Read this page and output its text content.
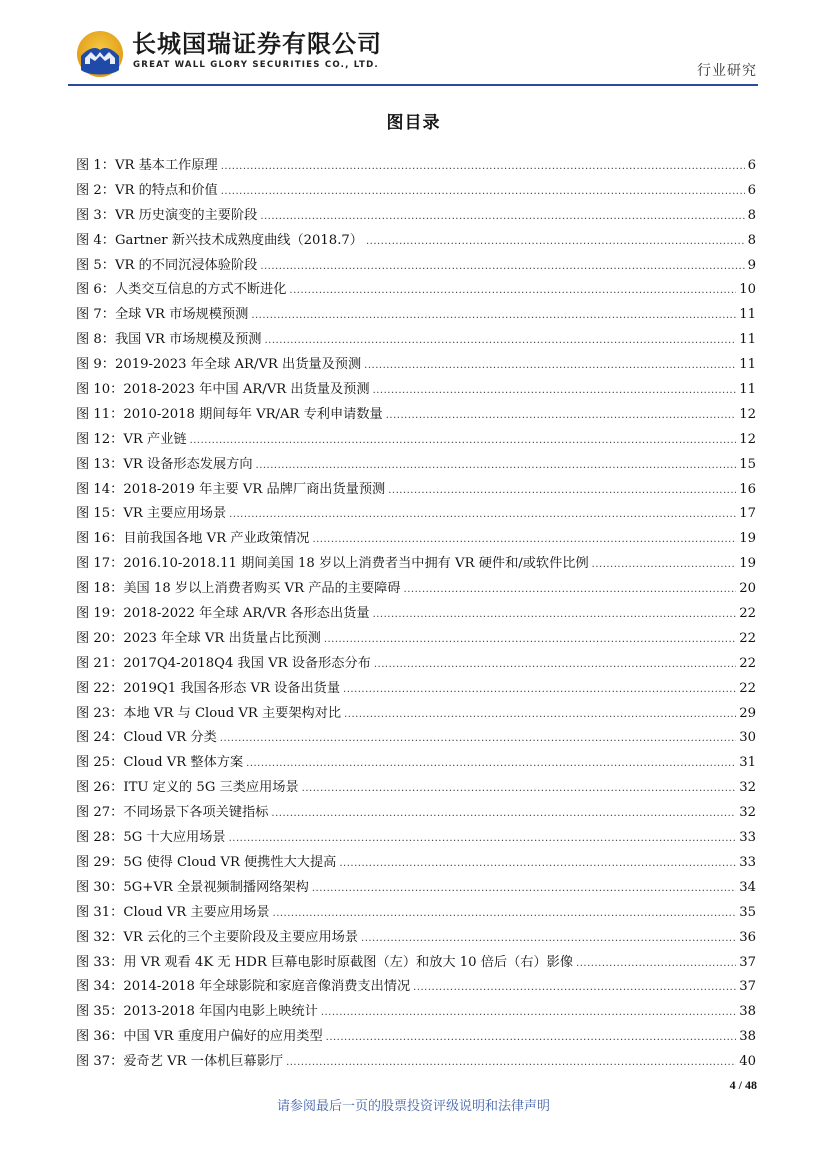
长城国瑞证券有限公司
GREAT WALL GLORY SECURITIES CO., LTD.	行业研究
图目录
图 1： VR 基本工作原理 .....	6
图 2： VR 的特点和价值 .....	6
图 3： VR 历史演变的主要阶段 .....	8
图 4： Gartner 新兴技术成熟度曲线（2018.7） .....	8
图 5： VR 的不同沉浸体验阶段 .....	9
图 6： 人类交互信息的方式不断进化 .....	10
图 7： 全球 VR 市场规模预测 .....	11
图 8： 我国 VR 市场规模及预测 .....	11
图 9： 2019-2023 年全球 AR/VR 出货量及预测 .....	11
图 10： 2018-2023 年中国 AR/VR 出货量及预测 .....	11
图 11： 2010-2018 期间每年 VR/AR 专利申请数量 .....	12
图 12： VR 产业链 .....	12
图 13： VR 设备形态发展方向 .....	15
图 14： 2018-2019 年主要 VR 品牌厂商出货量预测 .....	16
图 15： VR 主要应用场景 .....	17
图 16： 目前我国各地 VR 产业政策情况 .....	19
图 17： 2016.10-2018.11 期间美国 18 岁以上消费者当中拥有 VR 硬件和/或软件比例 .....	19
图 18： 美国 18 岁以上消费者购买 VR 产品的主要障碍 .....	20
图 19： 2018-2022 年全球 AR/VR 各形态出货量 .....	22
图 20： 2023 年全球 VR 出货量占比预测 .....	22
图 21： 2017Q4-2018Q4 我国 VR 设备形态分布 .....	22
图 22： 2019Q1 我国各形态 VR 设备出货量 .....	22
图 23： 本地 VR 与 Cloud VR 主要架构对比 .....	29
图 24： Cloud VR 分类 .....	30
图 25： Cloud VR 整体方案 .....	31
图 26： ITU 定义的 5G 三类应用场景 .....	32
图 27： 不同场景下各项关键指标 .....	32
图 28： 5G 十大应用场景 .....	33
图 29： 5G 使得 Cloud VR 便携性大大提高 .....	33
图 30： 5G+VR 全景视频制播网络架构 .....	34
图 31： Cloud VR 主要应用场景 .....	35
图 32： VR 云化的三个主要阶段及主要应用场景 .....	36
图 33： 用 VR 观看 4K 无 HDR 巨幕电影时原截图（左）和放大 10 倍后（右）影像 .....	37
图 34： 2014-2018 年全球影院和家庭音像消费支出情况 .....	37
图 35： 2013-2018 年国内电影上映统计 .....	38
图 36： 中国 VR 重度用户偏好的应用类型 .....	38
图 37： 爱奇艺 VR 一体机巨幕影厅 .....	40
4 / 48
请参阅最后一页的股票投资评级说明和法律声明
